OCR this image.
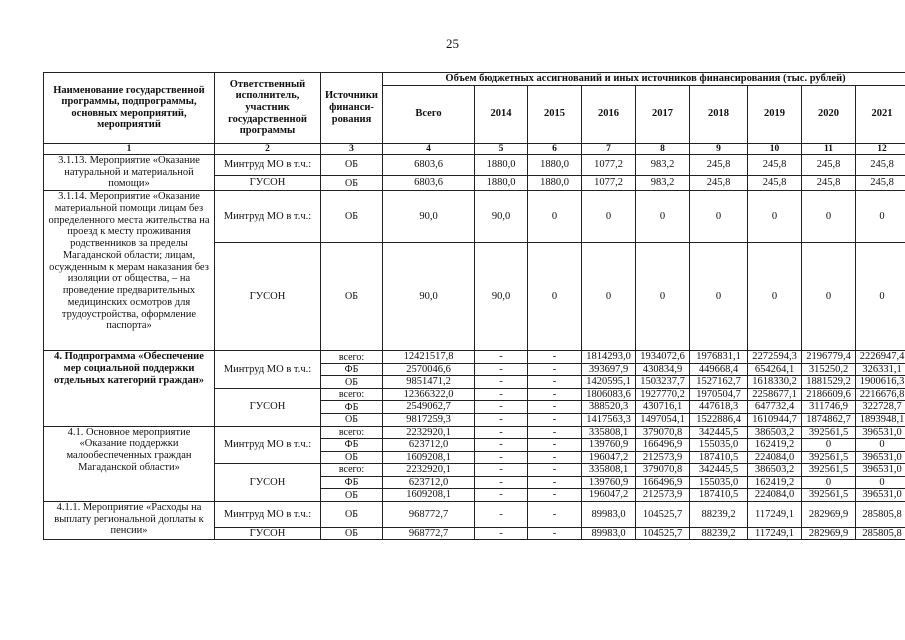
25
Наименование государственной программы, подпрограммы, основных мероприятий, мероприятий	Ответственный исполнитель, участник государственной программы	Источники финанси-рования	Объем бюджетных ассигнований и иных источников финансирования (тыс. рублей)								
			Всего	2014	2015	2016	2017	2018	2019	2020	2021
1	2	3	4	5	6	7	8	9	10	11	12
3.1.13. Мероприятие «Оказание натуральной и материальной помощи»	Минтруд МО в т.ч.:	ОБ	6803,6	1880,0	1880,0	1077,2	983,2	245,8	245,8	245,8	245,8
	ГУСОН	ОБ	6803,6	1880,0	1880,0	1077,2	983,2	245,8	245,8	245,8	245,8
3.1.14. Мероприятие «Оказание материальной помощи лицам без определенного места жительства на проезд к месту проживания родственников за пределы Магаданской области; лицам, осужденным к мерам наказания без изоляции от общества, – на проведение предварительных медицинских осмотров для трудоустройства, оформление паспорта»	Минтруд МО в т.ч.:	ОБ	90,0	90,0	0	0	0	0	0	0	0
	ГУСОН	ОБ	90,0	90,0	0	0	0	0	0	0	0
4. Подпрограмма «Обеспечение мер социальной поддержки отдельных категорий граждан»	Минтруд МО в т.ч.:	всего:	12421517,8	-	-	1814293,0	1934072,6	1976831,1	2272594,3	2196779,4	2226947,4
		ФБ	2570046,6	-	-	393697,9	430834,9	449668,4	654264,1	315250,2	326331,1
		ОБ	9851471,2	-	-	1420595,1	1503237,7	1527162,7	1618330,2	1881529,2	1900616,3
	ГУСОН	всего:	12366322,0	-	-	1806083,6	1927770,2	1970504,7	2258677,1	2186609,6	2216676,8
		ФБ	2549062,7	-	-	388520,3	430716,1	447618,3	647732,4	311746,9	322728,7
		ОБ	9817259,3	-	-	1417563,3	1497054,1	1522886,4	1610944,7	1874862,7	1893948,1
4.1. Основное мероприятие «Оказание поддержки малообеспеченных граждан Магаданской области»	Минтруд МО в т.ч.:	всего:	2232920,1	-	-	335808,1	379070,8	342445,5	386503,2	392561,5	396531,0
		ФБ	623712,0	-	-	139760,9	166496,9	155035,0	162419,2	0	0
		ОБ	1609208,1	-	-	196047,2	212573,9	187410,5	224084,0	392561,5	396531,0
	ГУСОН	всего:	2232920,1	-	-	335808,1	379070,8	342445,5	386503,2	392561,5	396531,0
		ФБ	623712,0	-	-	139760,9	166496,9	155035,0	162419,2	0	0
		ОБ	1609208,1	-	-	196047,2	212573,9	187410,5	224084,0	392561,5	396531,0
4.1.1. Мероприятие «Расходы на выплату региональной доплаты к пенсии»	Минтруд МО в т.ч.:	ОБ	968772,7	-	-	89983,0	104525,7	88239,2	117249,1	282969,9	285805,8
	ГУСОН	ОБ	968772,7	-	-	89983,0	104525,7	88239,2	117249,1	282969,9	285805,8
